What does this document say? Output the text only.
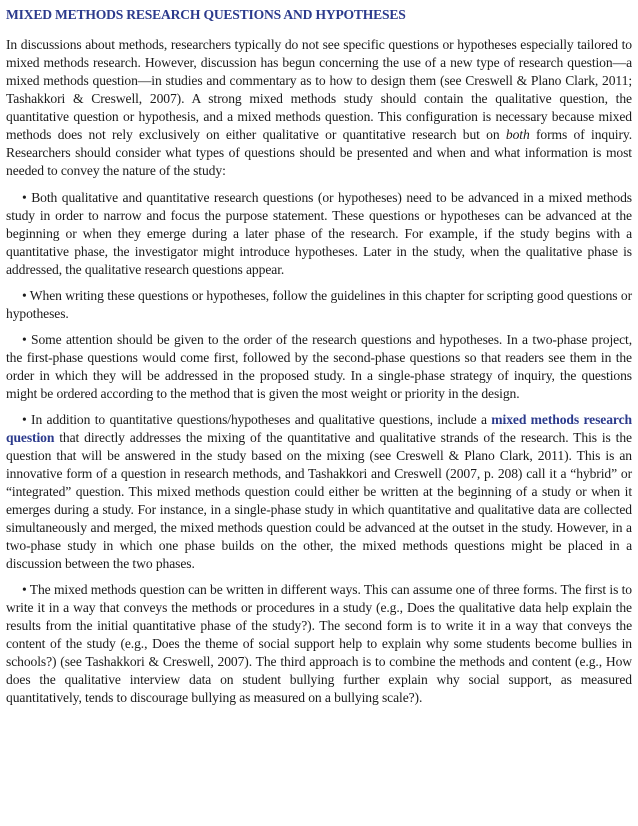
MIXED METHODS RESEARCH QUESTIONS AND HYPOTHESES

In discussions about methods, researchers typically do not see specific questions or hypotheses especially tailored to mixed methods research. However, discussion has begun concerning the use of a new type of research question—a mixed methods question—in studies and commentary as to how to design them (see Creswell & Plano Clark, 2011; Tashakkori & Creswell, 2007). A strong mixed methods study should contain the qualitative question, the quantitative question or hypothesis, and a mixed methods question. This configuration is necessary because mixed methods does not rely exclusively on either qualitative or quantitative research but on both forms of inquiry. Researchers should consider what types of questions should be presented and when and what information is most needed to convey the nature of the study:

• Both qualitative and quantitative research questions (or hypotheses) need to be advanced in a mixed methods study in order to narrow and focus the purpose statement. These questions or hypotheses can be advanced at the beginning or when they emerge during a later phase of the research. For example, if the study begins with a quantitative phase, the investigator might introduce hypotheses. Later in the study, when the qualitative phase is addressed, the qualitative research questions appear.

• When writing these questions or hypotheses, follow the guidelines in this chapter for scripting good questions or hypotheses.

• Some attention should be given to the order of the research questions and hypotheses. In a two-phase project, the first-phase questions would come first, followed by the second-phase questions so that readers see them in the order in which they will be addressed in the proposed study. In a single-phase strategy of inquiry, the questions might be ordered according to the method that is given the most weight or priority in the design.

• In addition to quantitative questions/hypotheses and qualitative questions, include a mixed methods research question that directly addresses the mixing of the quantitative and qualitative strands of the research. This is the question that will be answered in the study based on the mixing (see Creswell & Plano Clark, 2011). This is an innovative form of a question in research methods, and Tashakkori and Creswell (2007, p. 208) call it a “hybrid” or “integrated” question. This mixed methods question could either be written at the beginning of a study or when it emerges during a study. For instance, in a single-phase study in which quantitative and qualitative data are collected simultaneously and merged, the mixed methods question could be advanced at the outset in the study. However, in a two-phase study in which one phase builds on the other, the mixed methods questions might be placed in a discussion between the two phases.

• The mixed methods question can be written in different ways. This can assume one of three forms. The first is to write it in a way that conveys the methods or procedures in a study (e.g., Does the qualitative data help explain the results from the initial quantitative phase of the study?). The second form is to write it in a way that conveys the content of the study (e.g., Does the theme of social support help to explain why some students become bullies in schools?) (see Tashakkori & Creswell, 2007). The third approach is to combine the methods and content (e.g., How does the qualitative interview data on student bullying further explain why social support, as measured quantitatively, tends to discourage bullying as measured on a bullying scale?).
